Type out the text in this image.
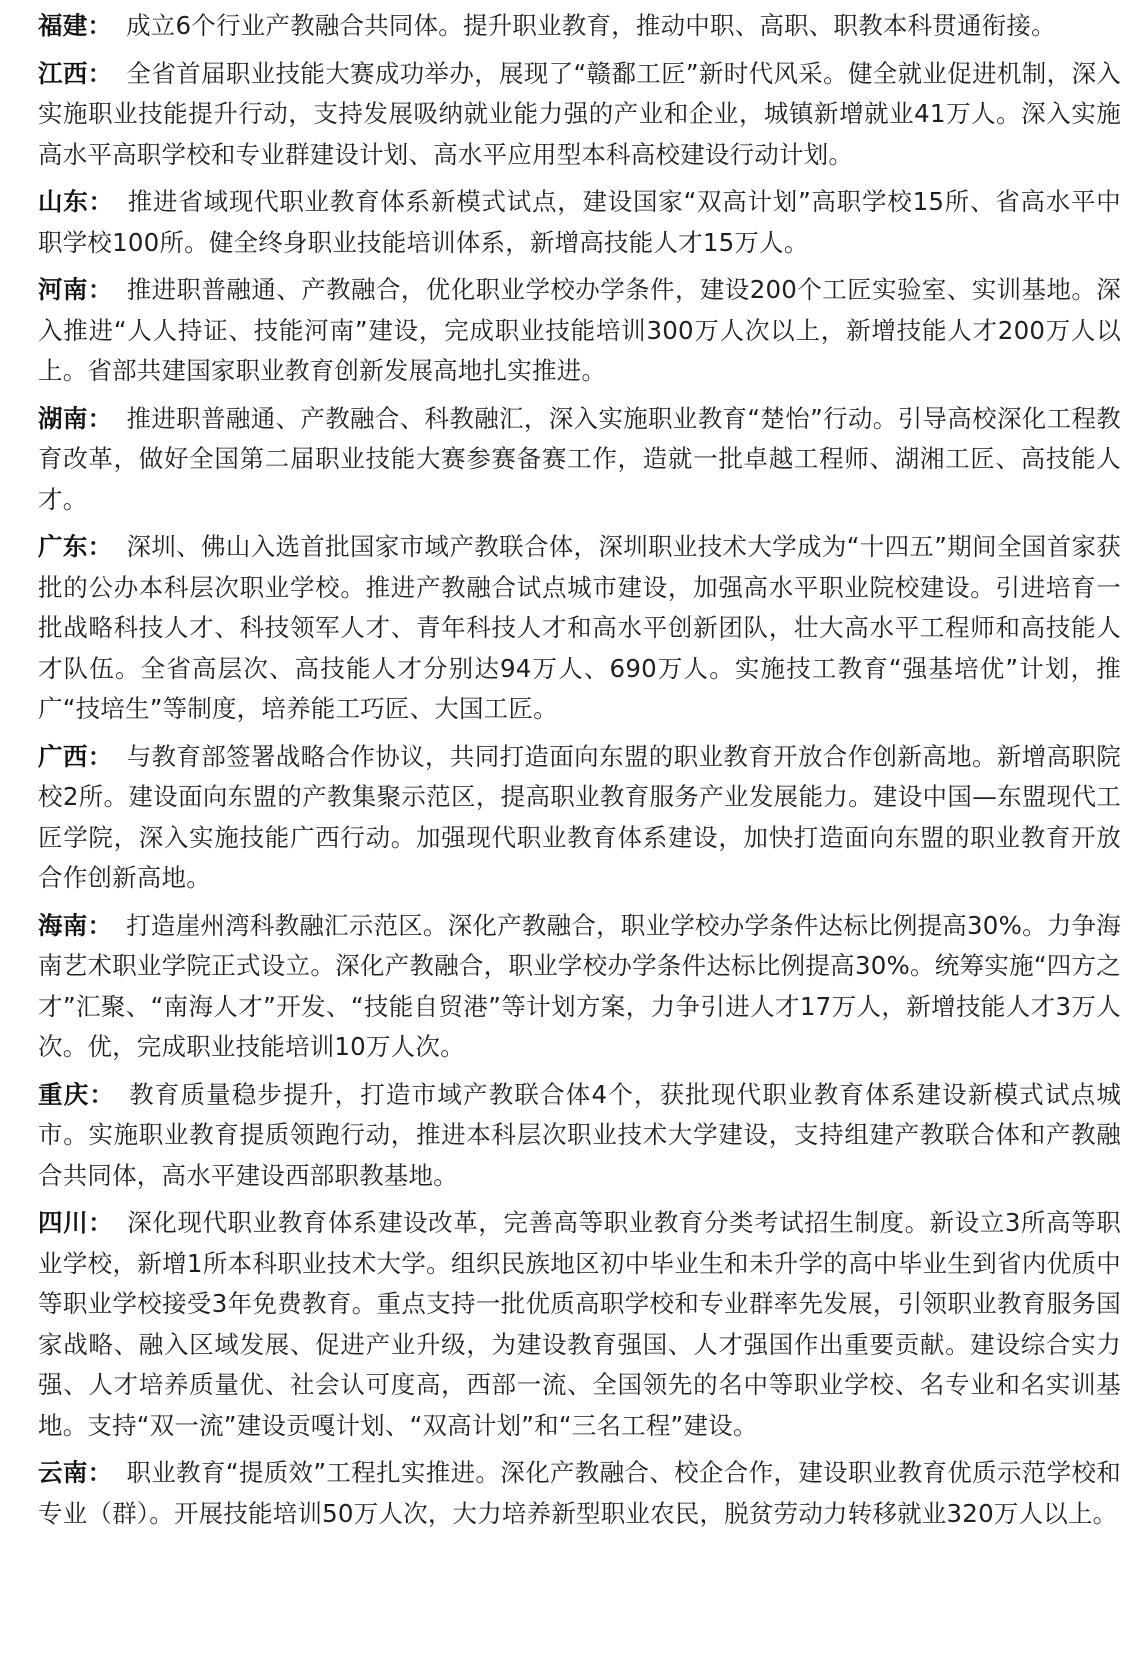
福建： 成立6个行业产教融合共同体。提升职业教育，推动中职、高职、职教本科贯通衔接。

江西： 全省首届职业技能大赛成功举办，展现了“赣鄱工匠”新时代风采。健全就业促进机制，深入实施职业技能提升行动，支持发展吸纳就业能力强的产业和企业，城镇新增就业41万人。深入实施高水平高职学校和专业群建设计划、高水平应用型本科高校建设行动计划。

山东： 推进省域现代职业教育体系新模式试点，建设国家“双高计划”高职学校15所、省高水平中职学校100所。健全终身职业技能培训体系，新增高技能人才15万人。

河南： 推进职普融通、产教融合，优化职业学校办学条件，建设200个工匠实验室、实训基地。深入推进“人人持证、技能河南”建设，完成职业技能培训300万人次以上，新增技能人才200万人以上。省部共建国家职业教育创新发展高地扎实推进。

湖南： 推进职普融通、产教融合、科教融汇，深入实施职业教育“楚怡”行动。引导高校深化工程教育改革，做好全国第二届职业技能大赛参赛备赛工作，造就一批卓越工程师、湖湘工匠、高技能人才。

广东： 深圳、佛山入选首批国家市域产教联合体，深圳职业技术大学成为“十四五”期间全国首家获批的公办本科层次职业学校。推进产教融合试点城市建设，加强高水平职业院校建设。引进培育一批战略科技人才、科技领军人才、青年科技人才和高水平创新团队，壮大高水平工程师和高技能人才队伍。全省高层次、高技能人才分别达94万人、690万人。实施技工教育“强基培优”计划，推广“技培生”等制度，培养能工巧匠、大国工匠。

广西： 与教育部签署战略合作协议，共同打造面向东盟的职业教育开放合作创新高地。新增高职院校2所。建设面向东盟的产教集聚示范区，提高职业教育服务产业发展能力。建设中国—东盟现代工匠学院，深入实施技能广西行动。加强现代职业教育体系建设，加快打造面向东盟的职业教育开放合作创新高地。

海南： 打造崖州湾科教融汇示范区。深化产教融合，职业学校办学条件达标比例提高30%。力争海南艺术职业学院正式设立。深化产教融合，职业学校办学条件达标比例提高30%。统筹实施“四方之才”汇聚、“南海人才”开发、“技能自贸港”等计划方案，力争引进人才17万人，新增技能人才3万人次。优，完成职业技能培训10万人次。

重庆： 教育质量稳步提升，打造市域产教联合体4个，获批现代职业教育体系建设新模式试点城市。实施职业教育提质领跑行动，推进本科层次职业技术大学建设，支持组建产教联合体和产教融合共同体，高水平建设西部职教基地。

四川： 深化现代职业教育体系建设改革，完善高等职业教育分类考试招生制度。新设立3所高等职业学校，新增1所本科职业技术大学。组织民族地区初中毕业生和未升学的高中毕业生到省内优质中等职业学校接受3年免费教育。重点支持一批优质高职学校和专业群率先发展，引领职业教育服务国家战略、融入区域发展、促进产业升级，为建设教育强国、人才强国作出重要贡献。建设综合实力强、人才培养质量优、社会认可度高，西部一流、全国领先的名中等职业学校、名专业和名实训基地。支持“双一流”建设贡嘎计划、“双高计划”和“三名工程”建设。

云南： 职业教育“提质效”工程扎实推进。深化产教融合、校企合作，建设职业教育优质示范学校和专业（群）。开展技能培训50万人次，大力培养新型职业农民，脱贫劳动力转移就业320万人以上。
